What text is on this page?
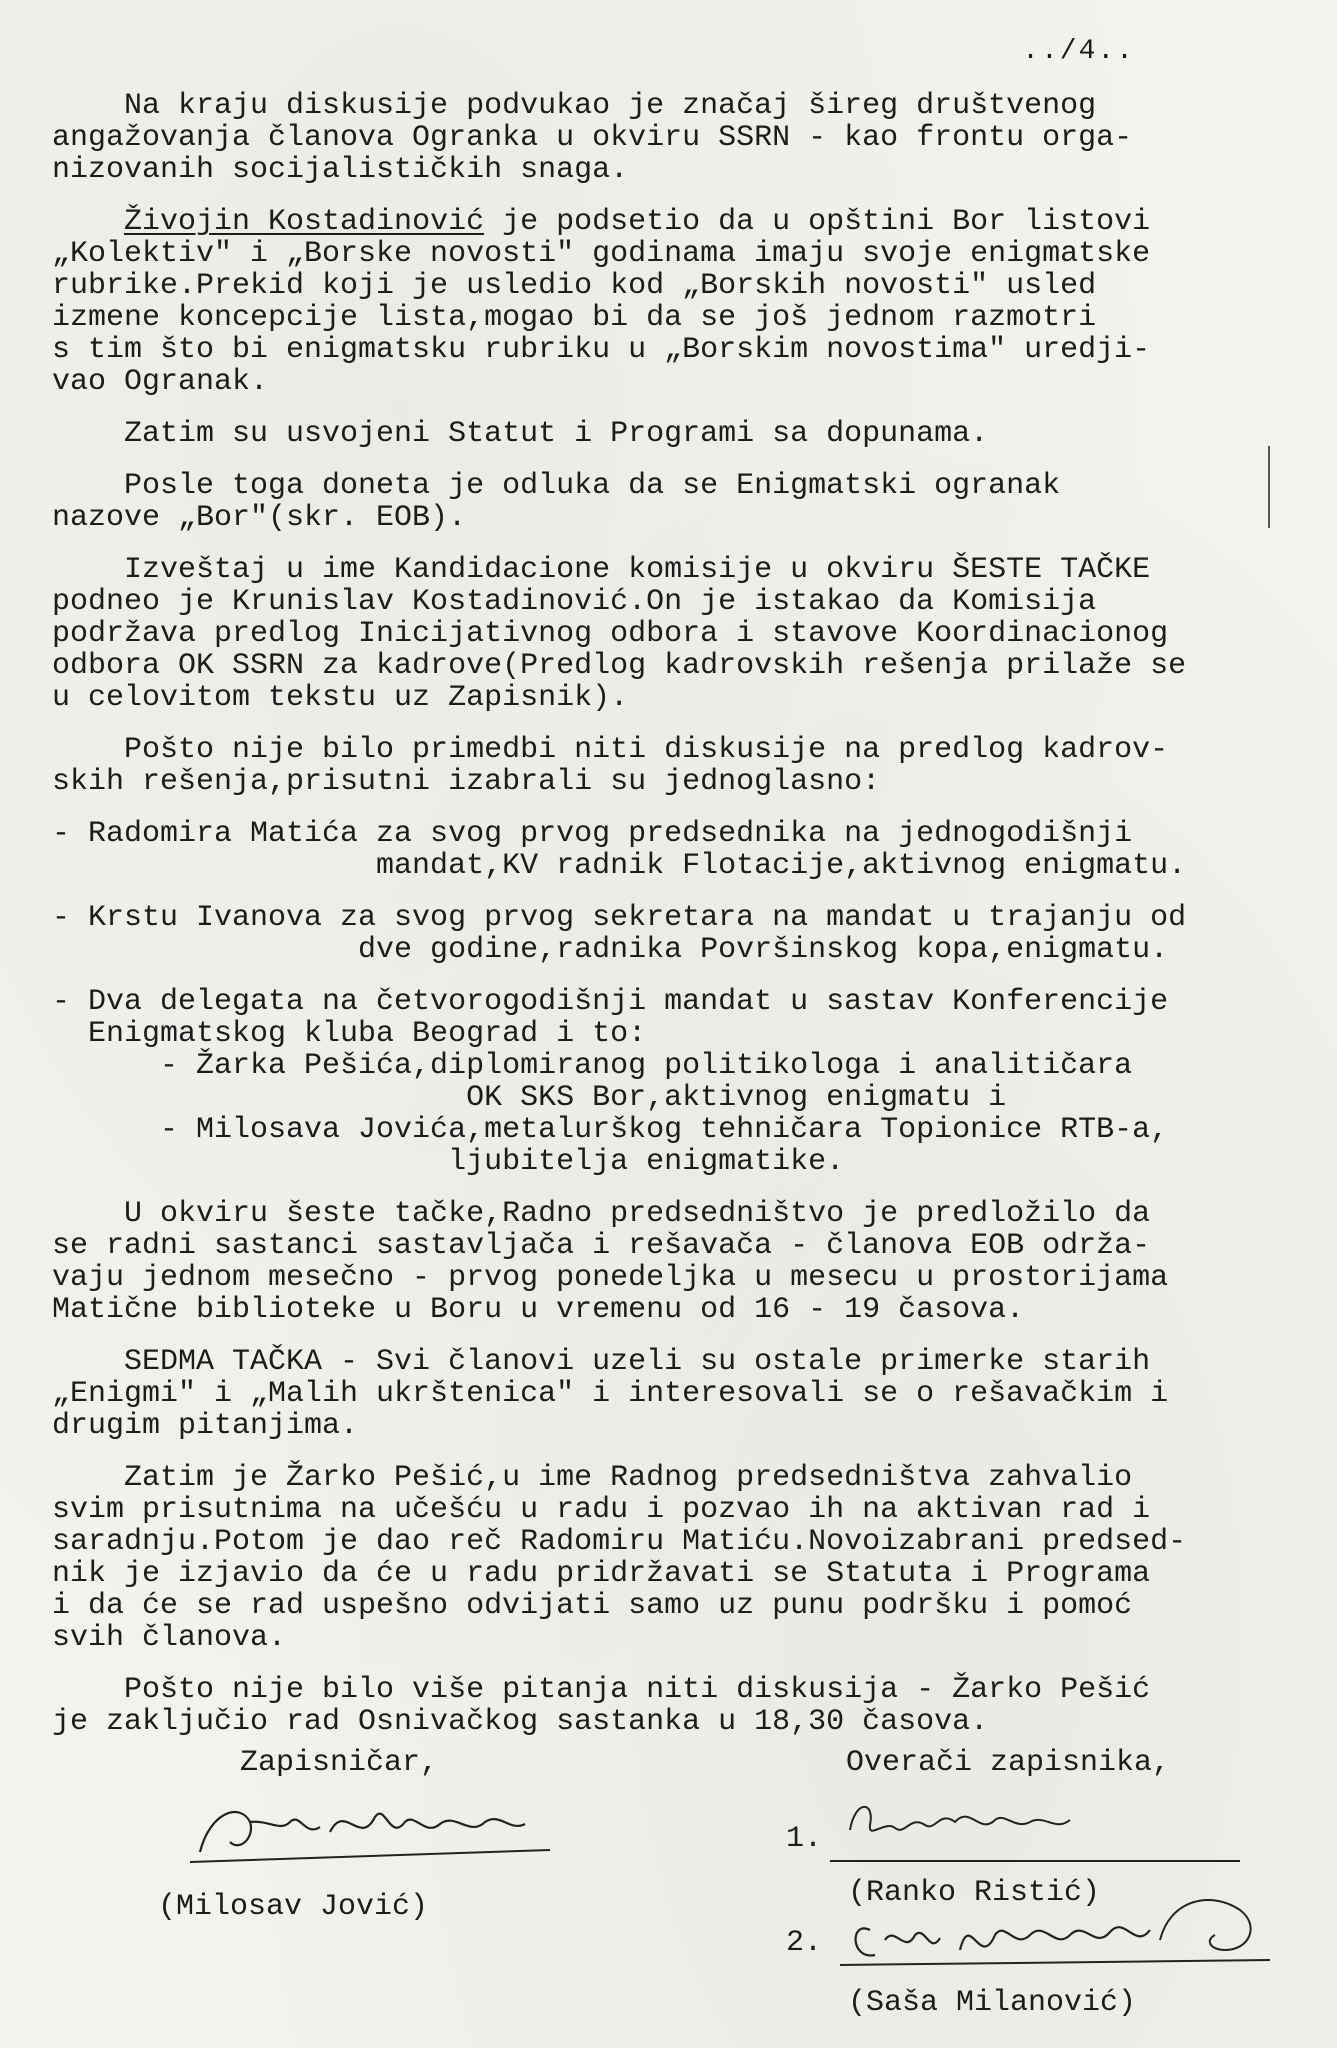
../4..
Na kraju diskusije podvukao je značaj šireg društvenog
angažovanja članova Ogranka u okviru SSRN - kao frontu orga-
nizovanih socijalističkih snaga.
Živojin Kostadinović je podsetio da u opštini Bor listovi
„Kolektiv" i „Borske novosti" godinama imaju svoje enigmatske
rubrike.Prekid koji je usledio kod „Borskih novosti" usled
izmene koncepcije lista,mogao bi da se još jednom razmotri
s tim što bi enigmatsku rubriku u „Borskim novostima" uredji-
vao Ogranak.
Zatim su usvojeni Statut i Programi sa dopunama.
Posle toga doneta je odluka da se Enigmatski ogranak
nazove „Bor"(skr. EOB).
Izveštaj u ime Kandidacione komisije u okviru ŠESTE TAČKE
podneo je Krunislav Kostadinović.On je istakao da Komisija
podržava predlog Inicijativnog odbora i stavove Koordinacionog
odbora OK SSRN za kadrove(Predlog kadrovskih rešenja prilaže se
u celovitom tekstu uz Zapisnik).
Pošto nije bilo primedbi niti diskusije na predlog kadrov-
skih rešenja,prisutni izabrali su jednoglasno:
- Radomira Matića za svog prvog predsednika na jednogodišnji
mandat,KV radnik Flotacije,aktivnog enigmatu.
- Krstu Ivanova za svog prvog sekretara na mandat u trajanju od
dve godine,radnika Površinskog kopa,enigmatu.
- Dva delegata na četvorogodišnji mandat u sastav Konferencije
Enigmatskog kluba Beograd i to:
- Žarka Pešića,diplomiranog politikologa i analitičara
OK SKS Bor,aktivnog enigmatu i
- Milosava Jovića,metalurškog tehničara Topionice RTB-a,
ljubitelja enigmatike.
U okviru šeste tačke,Radno predsedništvo je predložilo da
se radni sastanci sastavljača i rešavača - članova EOB održa-
vaju jednom mesečno - prvog ponedeljka u mesecu u prostorijama
Matične biblioteke u Boru u vremenu od 16 - 19 časova.
SEDMA TAČKA - Svi članovi uzeli su ostale primerke starih
„Enigmi" i „Malih ukrštenica" i interesovali se o rešavačkim i
drugim pitanjima.
Zatim je Žarko Pešić,u ime Radnog predsedništva zahvalio
svim prisutnima na učešću u radu i pozvao ih na aktivan rad i
saradnju.Potom je dao reč Radomiru Matiću.Novoizabrani predsed-
nik je izjavio da će u radu pridržavati se Statuta i Programa
i da će se rad uspešno odvijati samo uz punu podršku i pomoć
svih članova.
Pošto nije bilo više pitanja niti diskusija - Žarko Pešić
je zaključio rad Osnivačkog sastanka u 18,30 časova.
Zapisničar,
(Milosav Jović)
Overači zapisnika,
1.
(Ranko Ristić)
2.
(Saša Milanović)
